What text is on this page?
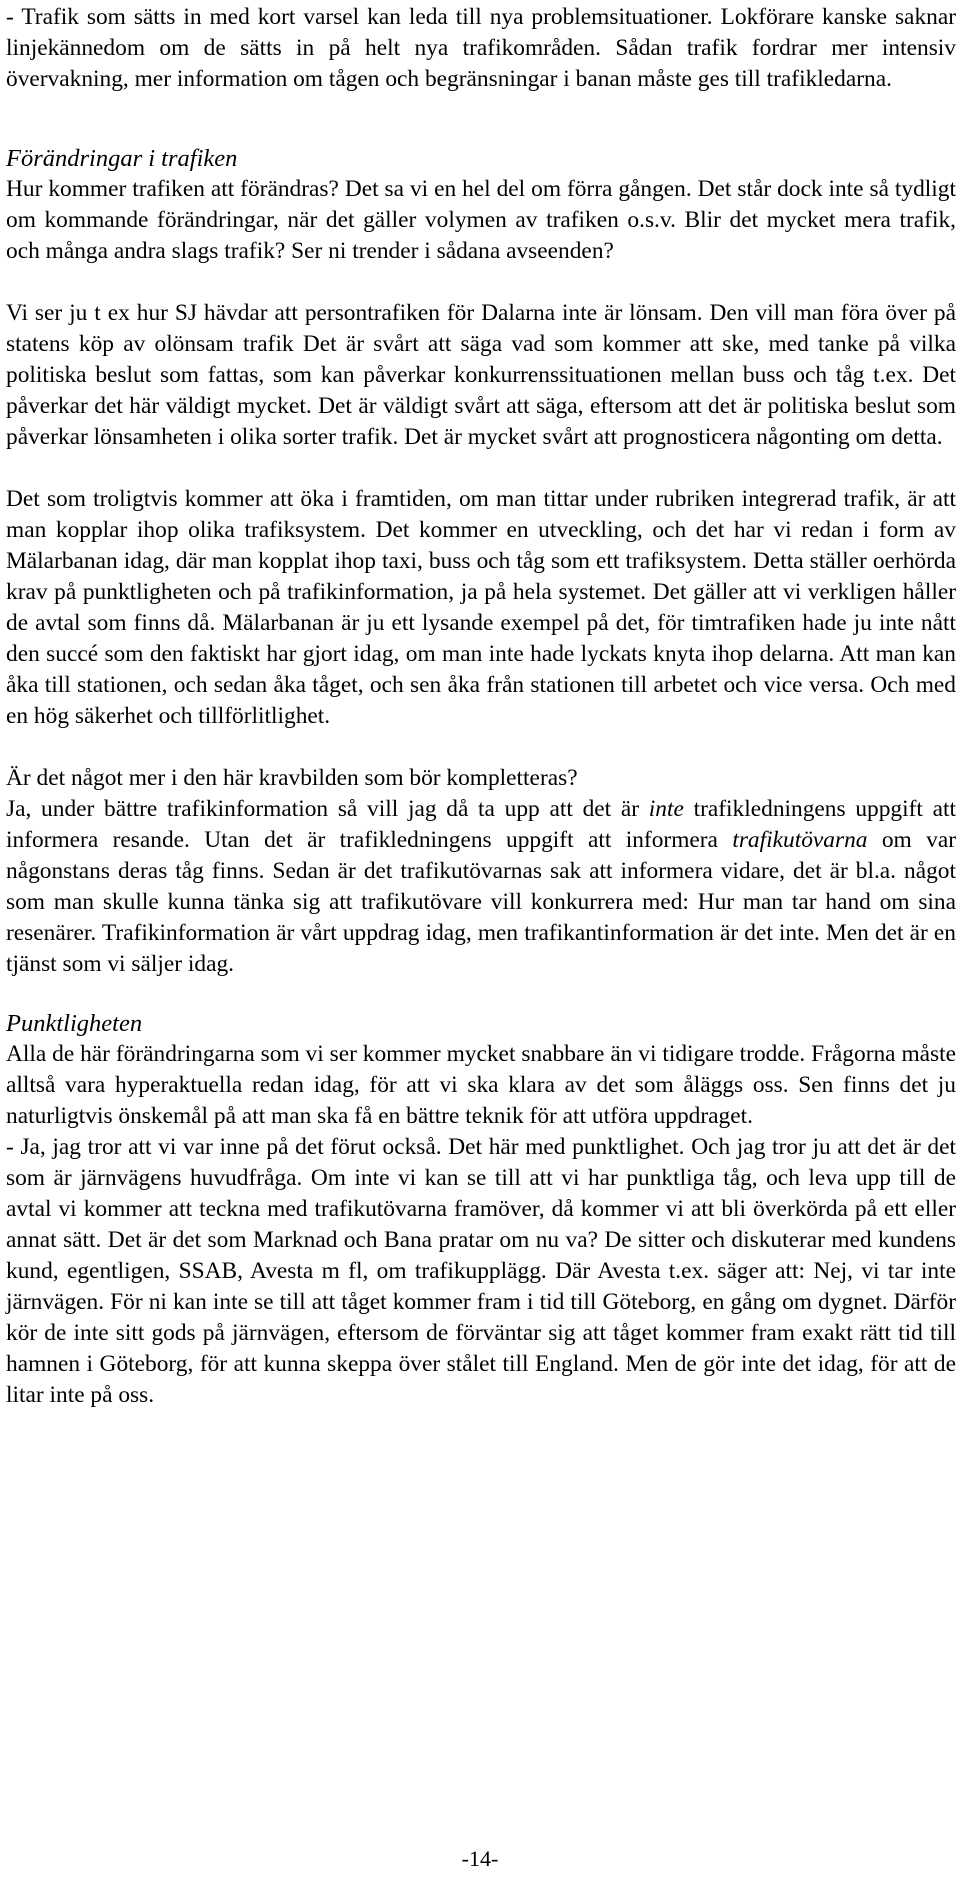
- Trafik som sätts in med kort varsel kan leda till nya problemsituationer. Lokförare kanske saknar linjekännedom om de sätts in på helt nya trafikområden. Sådan trafik fordrar mer intensiv övervakning, mer information om tågen och begränsningar i banan måste ges till trafikledarna.

Förändringar i trafiken

Hur kommer trafiken att förändras? Det sa vi en hel del om förra gången. Det står dock inte så tydligt om kommande förändringar, när det gäller volymen av trafiken o.s.v. Blir det mycket mera trafik, och många andra slags trafik? Ser ni trender i sådana avseenden?

Vi ser ju t ex hur SJ hävdar att persontrafiken för Dalarna inte är lönsam. Den vill man föra över på statens köp av olönsam trafik Det är svårt att säga vad som kommer att ske, med tanke på vilka politiska beslut som fattas, som kan påverkar konkurrenssituationen mellan buss och tåg t.ex. Det påverkar det här väldigt mycket. Det är väldigt svårt att säga, eftersom att det är politiska beslut som påverkar lönsamheten i olika sorter trafik. Det är mycket svårt att prognosticera någonting om detta.

Det som troligtvis kommer att öka i framtiden, om man tittar under rubriken integrerad trafik, är att man kopplar ihop olika trafiksystem. Det kommer en utveckling, och det har vi redan i form av Mälarbanan idag, där man kopplat ihop taxi, buss och tåg som ett trafiksystem. Detta ställer oerhörda krav på punktligheten och på trafikinformation, ja på hela systemet. Det gäller att vi verkligen håller de avtal som finns då. Mälarbanan är ju ett lysande exempel på det, för timtrafiken hade ju inte nått den succé som den faktiskt har gjort idag, om man inte hade lyckats knyta ihop delarna. Att man kan åka till stationen, och sedan åka tåget, och sen åka från stationen till arbetet och vice versa. Och med en hög säkerhet och tillförlitlighet.

Är det något mer i den här kravbilden som bör kompletteras?

Ja, under bättre trafikinformation så vill jag då ta upp att det är inte trafikledningens uppgift att informera resande. Utan det är trafikledningens uppgift att informera trafikutövarna om var någonstans deras tåg finns. Sedan är det trafikutövarnas sak att informera vidare, det är bl.a. något som man skulle kunna tänka sig att trafikutövare vill konkurrera med: Hur man tar hand om sina resenärer. Trafikinformation är vårt uppdrag idag, men trafikantinformation är det inte. Men det är en tjänst som vi säljer idag.

Punktligheten

Alla de här förändringarna som vi ser kommer mycket snabbare än vi tidigare trodde. Frågorna måste alltså vara hyperaktuella redan idag, för att vi ska klara av det som åläggs oss. Sen finns det ju naturligtvis önskemål på att man ska få en bättre teknik för att utföra uppdraget.

- Ja, jag tror att vi var inne på det förut också. Det här med punktlighet. Och jag tror ju att det är det som är järnvägens huvudfråga. Om inte vi kan se till att vi har punktliga tåg, och leva upp till de avtal vi kommer att teckna med trafikutövarna framöver, då kommer vi att bli överkörda på ett eller annat sätt. Det är det som Marknad och Bana pratar om nu va? De sitter och diskuterar med kundens kund, egentligen, SSAB, Avesta m fl, om trafikupplägg. Där Avesta t.ex. säger att: Nej, vi tar inte järnvägen. För ni kan inte se till att tåget kommer fram i tid till Göteborg, en gång om dygnet. Därför kör de inte sitt gods på järnvägen, eftersom de förväntar sig att tåget kommer fram exakt rätt tid till hamnen i Göteborg, för att kunna skeppa över stålet till England. Men de gör inte det idag, för att de litar inte på oss.

-14-
